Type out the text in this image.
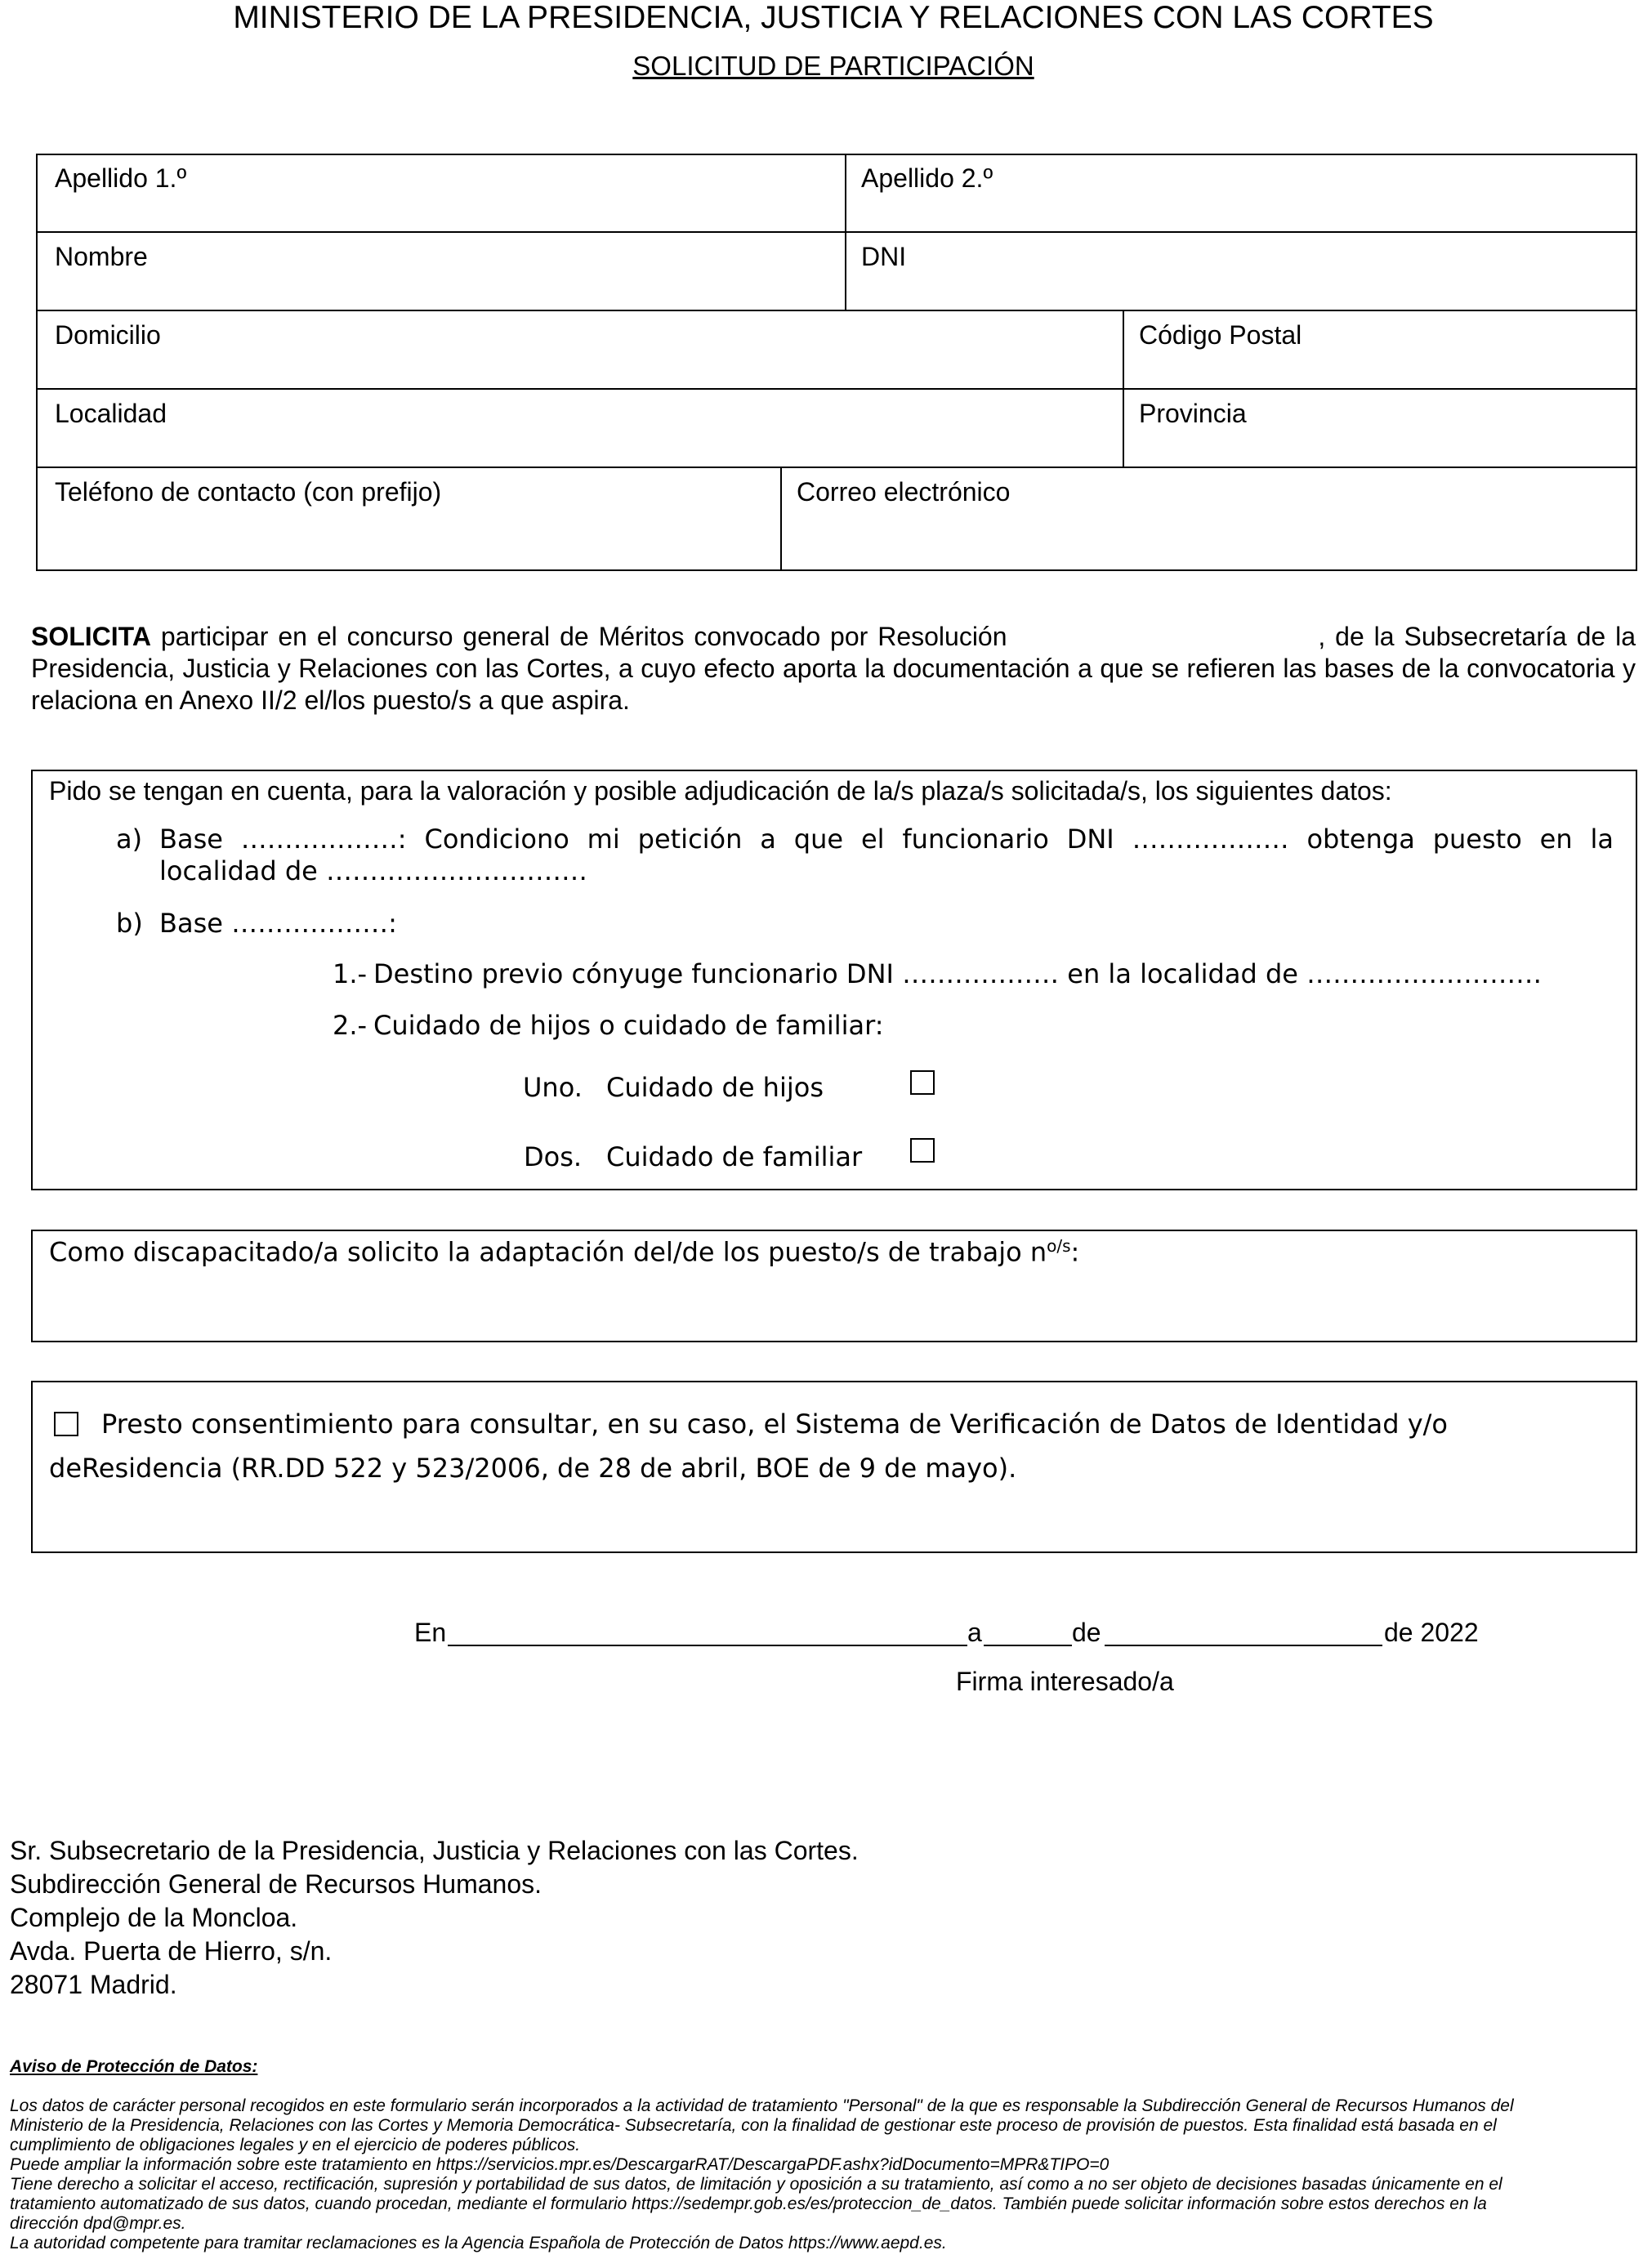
MINISTERIO DE LA PRESIDENCIA, JUSTICIA Y RELACIONES CON LAS CORTES
SOLICITUD DE PARTICIPACIÓN
Apellido 1.º	Apellido 2.º
Nombre	DNI
Domicilio	Código Postal
Localidad	Provincia
Teléfono de contacto (con prefijo)	Correo electrónico
SOLICITA participar en el concurso general de Méritos convocado por Resolución                                , de la Subsecretaría de la Presidencia, Justicia y Relaciones con las Cortes, a cuyo efecto aporta la documentación a que se refieren las bases de la convocatoria y relaciona en Anexo II/2 el/los puesto/s a que aspira.
Pido se tengan en cuenta, para la valoración y posible adjudicación de la/s plaza/s solicitada/s, los siguientes datos:
a) Base ………………: Condiciono mi petición a que el funcionario DNI ……………… obtenga puesto en la
localidad de …………………………
b) Base ………………:
1.- Destino previo cónyuge funcionario DNI ……………… en la localidad de ………………………
2.- Cuidado de hijos o cuidado de familiar:
Uno. Cuidado de hijos
Dos. Cuidado de familiar
Como discapacitado/a solicito la adaptación del/de los puesto/s de trabajo $n^{o/s}$:
Presto consentimiento para consultar, en su caso, el Sistema de Verificación de Datos de Identidad y/o
deResidencia (RR.DD 522 y 523/2006, de 28 de abril, BOE de 9 de mayo).
En	a	de	de 2022
Firma interesado/a
Sr. Subsecretario de la Presidencia, Justicia y Relaciones con las Cortes.
Subdirección General de Recursos Humanos.
Complejo de la Moncloa.
Avda. Puerta de Hierro, s/n.
28071 Madrid.
Aviso de Protección de Datos:
Los datos de carácter personal recogidos en este formulario serán incorporados a la actividad de tratamiento "Personal" de la que es responsable la Subdirección General de Recursos Humanos del
Ministerio de la Presidencia, Relaciones con las Cortes y Memoria Democrática- Subsecretaría, con la finalidad de gestionar este proceso de provisión de puestos. Esta finalidad está basada en el
cumplimiento de obligaciones legales y en el ejercicio de poderes públicos.
Puede ampliar la información sobre este tratamiento en https://servicios.mpr.es/DescargarRAT/DescargaPDF.ashx?idDocumento=MPR&TIPO=0
Tiene derecho a solicitar el acceso, rectificación, supresión y portabilidad de sus datos, de limitación y oposición a su tratamiento, así como a no ser objeto de decisiones basadas únicamente en el
tratamiento automatizado de sus datos, cuando procedan, mediante el formulario https://sedempr.gob.es/es/proteccion_de_datos. También puede solicitar información sobre estos derechos en la
dirección dpd@mpr.es.
La autoridad competente para tramitar reclamaciones es la Agencia Española de Protección de Datos https://www.aepd.es.
